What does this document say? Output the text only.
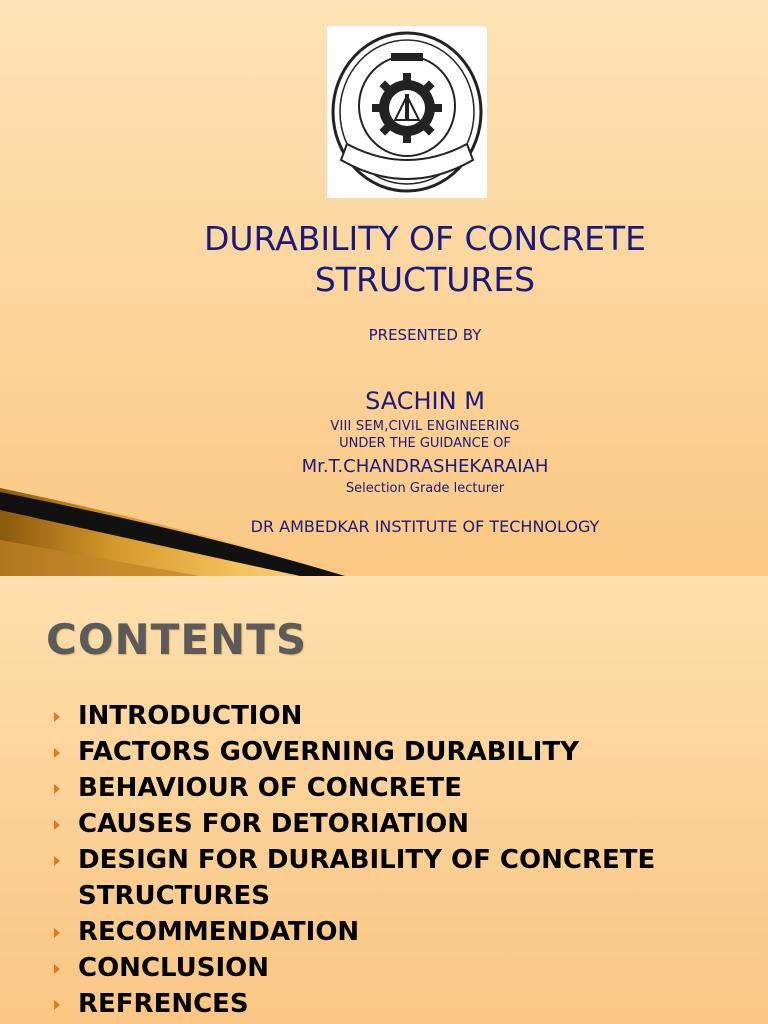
DURABILITY OF CONCRETE STRUCTURES
PRESENTED BY
SACHIN M
VIII SEM,CIVIL ENGINEERING
UNDER THE GUIDANCE OF
Mr.T.CHANDRASHEKARAIAH
Selection Grade lecturer
DR AMBEDKAR INSTITUTE OF TECHNOLOGY
CONTENTS
INTRODUCTION
FACTORS GOVERNING DURABILITY
BEHAVIOUR OF CONCRETE
CAUSES FOR DETORIATION
DESIGN FOR DURABILITY OF CONCRETE STRUCTURES
RECOMMENDATION
CONCLUSION
REFRENCES
